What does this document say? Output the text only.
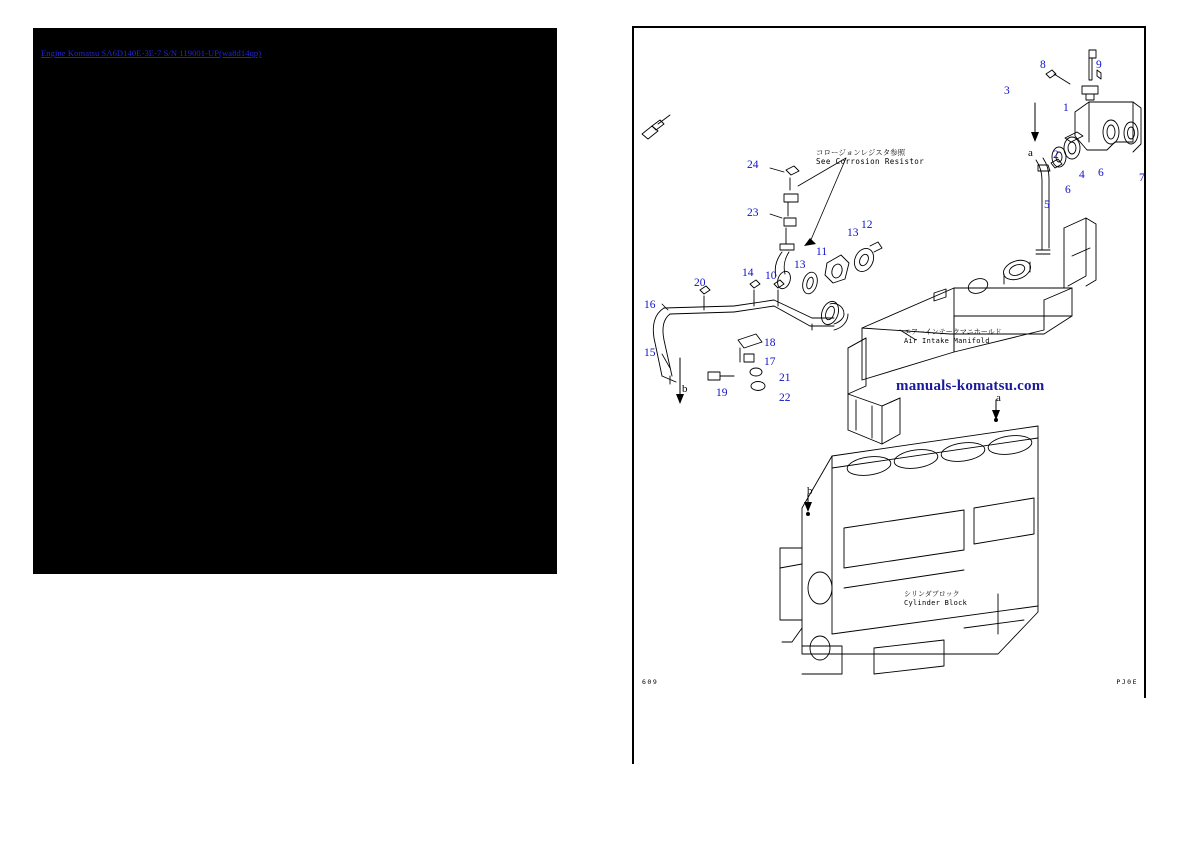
Engine Komatsu SA6D140E-3E-7 S/N 119001-UP(wa8d14qp)
コロージョンレジスタ参照
See Corrosion Resistor
エアーインテークマニホールド
Air Intake Manifold
シリンダブロック
Cylinder Block
3
8	9
1
2
6
4	7
6
5
24
23
11
13
12
13
14 10
20
16
15
18
17
21
22
19
a
b
a
b
manuals-komatsu.com
609	PJ0E
